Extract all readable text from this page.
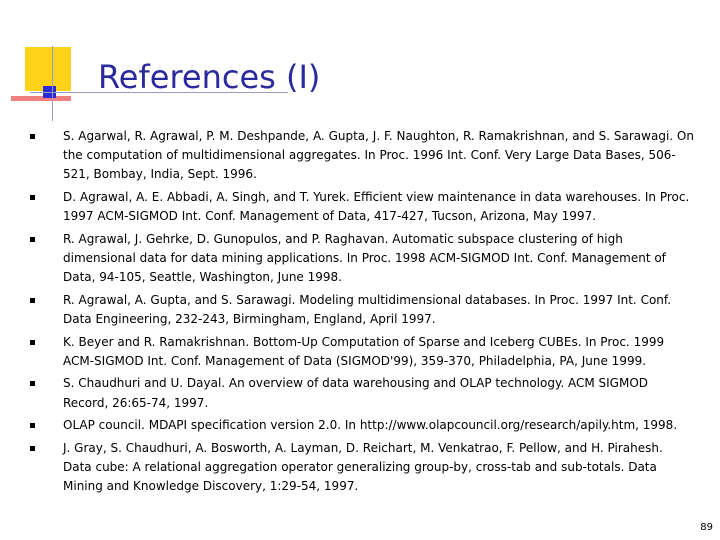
References (I)
S. Agarwal, R. Agrawal, P. M. Deshpande, A. Gupta, J. F. Naughton, R. Ramakrishnan, and S. Sarawagi. On the computation of multidimensional aggregates. In Proc. 1996 Int. Conf. Very Large Data Bases, 506-521, Bombay, India, Sept. 1996.
D. Agrawal, A. E. Abbadi, A. Singh, and T. Yurek. Efficient view maintenance in data warehouses. In Proc. 1997 ACM-SIGMOD Int. Conf. Management of Data, 417-427, Tucson, Arizona, May 1997.
R. Agrawal, J. Gehrke, D. Gunopulos, and P. Raghavan. Automatic subspace clustering of high dimensional data for data mining applications. In Proc. 1998 ACM-SIGMOD Int. Conf. Management of Data, 94-105, Seattle, Washington, June 1998.
R. Agrawal, A. Gupta, and S. Sarawagi. Modeling multidimensional databases. In Proc. 1997 Int. Conf. Data Engineering, 232-243, Birmingham, England, April 1997.
K. Beyer and R. Ramakrishnan. Bottom-Up Computation of Sparse and Iceberg CUBEs. In Proc. 1999 ACM-SIGMOD Int. Conf. Management of Data (SIGMOD'99), 359-370, Philadelphia, PA, June 1999.
S. Chaudhuri and U. Dayal. An overview of data warehousing and OLAP technology. ACM SIGMOD Record, 26:65-74, 1997.
OLAP council. MDAPI specification version 2.0. In http://www.olapcouncil.org/research/apily.htm, 1998.
J. Gray, S. Chaudhuri, A. Bosworth, A. Layman, D. Reichart, M. Venkatrao, F. Pellow, and H. Pirahesh. Data cube: A relational aggregation operator generalizing group-by, cross-tab and sub-totals. Data Mining and Knowledge Discovery, 1:29-54, 1997.
89
